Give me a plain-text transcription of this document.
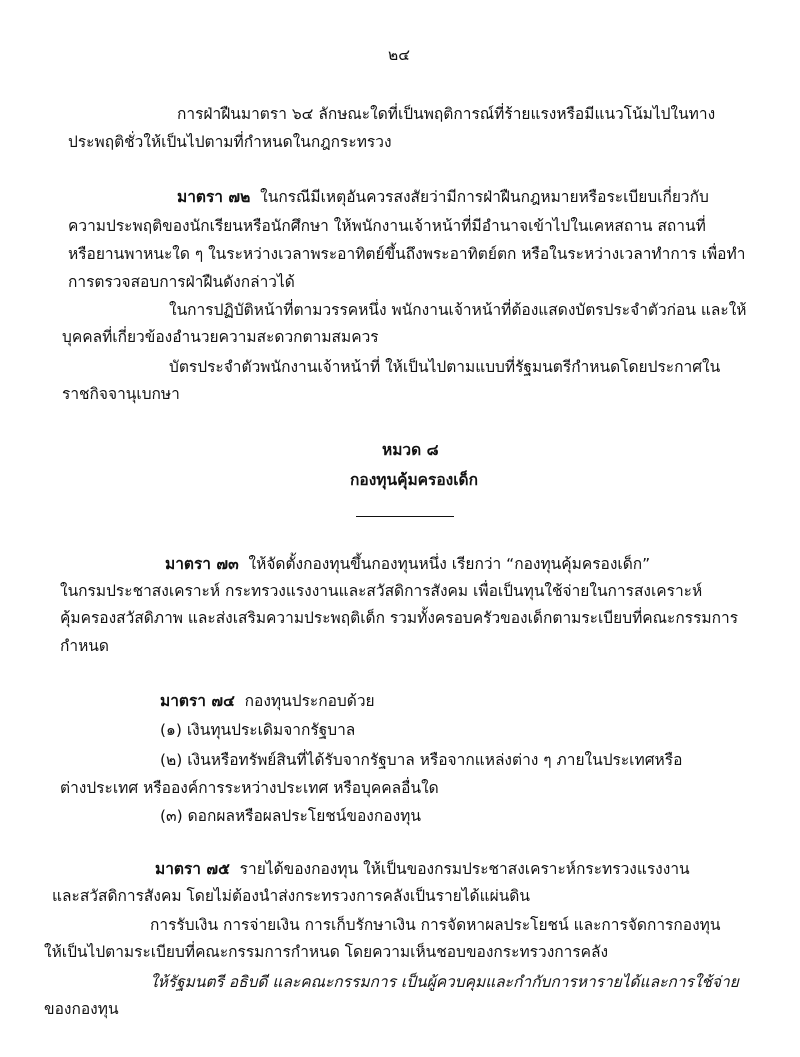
๒๔
การฝ่าฝืนมาตรา ๖๔ ลักษณะใดที่เป็นพฤติการณ์ที่ร้ายแรงหรือมีแนวโน้มไปในทาง
ประพฤติชั่วให้เป็นไปตามที่กำหนดในกฎกระทรวง
มาตรา ๗๒ ในกรณีมีเหตุอันควรสงสัยว่ามีการฝ่าฝืนกฎหมายหรือระเบียบเกี่ยวกับ
ความประพฤติของนักเรียนหรือนักศึกษา ให้พนักงานเจ้าหน้าที่มีอำนาจเข้าไปในเคหสถาน สถานที่
หรือยานพาหนะใด ๆ ในระหว่างเวลาพระอาทิตย์ขึ้นถึงพระอาทิตย์ตก หรือในระหว่างเวลาทำการ เพื่อทำ
การตรวจสอบการฝ่าฝืนดังกล่าวได้
ในการปฏิบัติหน้าที่ตามวรรคหนึ่ง พนักงานเจ้าหน้าที่ต้องแสดงบัตรประจำตัวก่อน และให้
บุคคลที่เกี่ยวข้องอำนวยความสะดวกตามสมควร
บัตรประจำตัวพนักงานเจ้าหน้าที่ ให้เป็นไปตามแบบที่รัฐมนตรีกำหนดโดยประกาศใน
ราชกิจจานุเบกษา
หมวด ๘
กองทุนคุ้มครองเด็ก
มาตรา ๗๓ ให้จัดตั้งกองทุนขึ้นกองทุนหนึ่ง เรียกว่า “กองทุนคุ้มครองเด็ก”
ในกรมประชาสงเคราะห์ กระทรวงแรงงานและสวัสดิการสังคม เพื่อเป็นทุนใช้จ่ายในการสงเคราะห์
คุ้มครองสวัสดิภาพ และส่งเสริมความประพฤติเด็ก รวมทั้งครอบครัวของเด็กตามระเบียบที่คณะกรรมการ
กำหนด
มาตรา ๗๔ กองทุนประกอบด้วย
(๑) เงินทุนประเดิมจากรัฐบาล
(๒) เงินหรือทรัพย์สินที่ได้รับจากรัฐบาล หรือจากแหล่งต่าง ๆ ภายในประเทศหรือ
ต่างประเทศ หรือองค์การระหว่างประเทศ หรือบุคคลอื่นใด
(๓) ดอกผลหรือผลประโยชน์ของกองทุน
มาตรา ๗๕ รายได้ของกองทุน ให้เป็นของกรมประชาสงเคราะห์กระทรวงแรงงาน
และสวัสดิการสังคม โดยไม่ต้องนำส่งกระทรวงการคลังเป็นรายได้แผ่นดิน
การรับเงิน การจ่ายเงิน การเก็บรักษาเงิน การจัดหาผลประโยชน์ และการจัดการกองทุน
ให้เป็นไปตามระเบียบที่คณะกรรมการกำหนด โดยความเห็นชอบของกระทรวงการคลัง
ให้รัฐมนตรี อธิบดี และคณะกรรมการ เป็นผู้ควบคุมและกำกับการหารายได้และการใช้จ่าย
ของกองทุน
